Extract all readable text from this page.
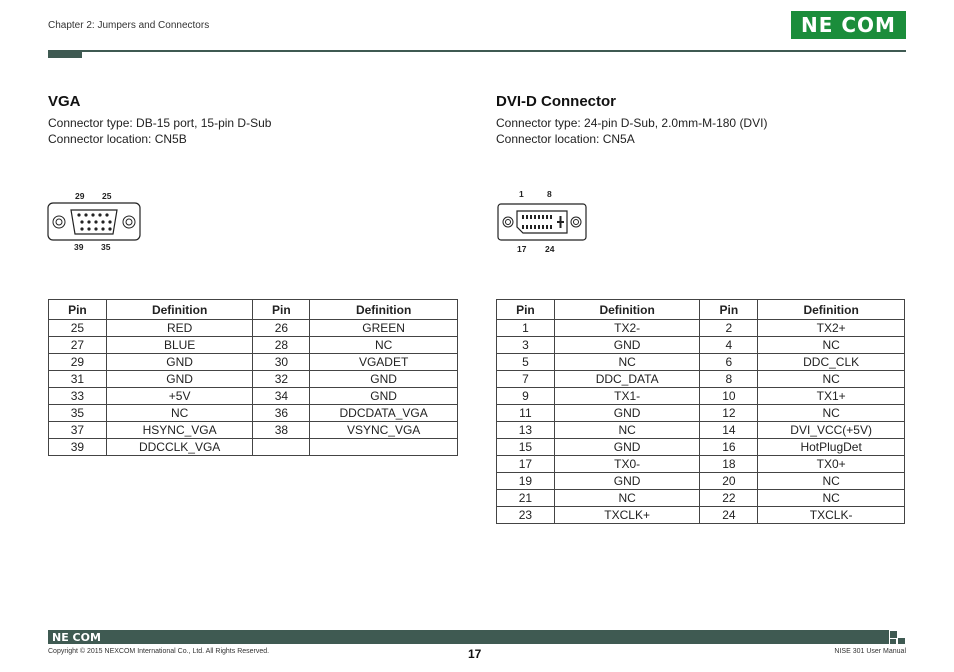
Chapter 2: Jumpers and Connectors	NE COM
VGA
Connector type: DB-15 port, 15-pin D-Sub
Connector location: CN5B
29 25
39 35
Pin	Definition	Pin	Definition
25	RED	26	GREEN
27	BLUE	28	NC
29	GND	30	VGADET
31	GND	32	GND
33	+5V	34	GND
35	NC	36	DDCDATA_VGA
37	HSYNC_VGA	38	VSYNC_VGA
39	DDCCLK_VGA		
DVI-D Connector
Connector type: 24-pin D-Sub, 2.0mm-M-180 (DVI)
Connector location: CN5A
1	8
17 24
Pin	Definition	Pin	Definition
1	TX2-	2	TX2+
3	GND	4	NC
5	NC	6	DDC_CLK
7	DDC_DATA	8	NC
9	TX1-	10	TX1+
11	GND	12	NC
13	NC	14	DVI_VCC(+5V)
15	GND	16	HotPlugDet
17	TX0-	18	TX0+
19	GND	20	NC
21	NC	22	NC
23	TXCLK+	24	TXCLK-
NE COM
Copyright © 2015 NEXCOM International Co., Ltd. All Rights Reserved.	17	NISE 301 User Manual
